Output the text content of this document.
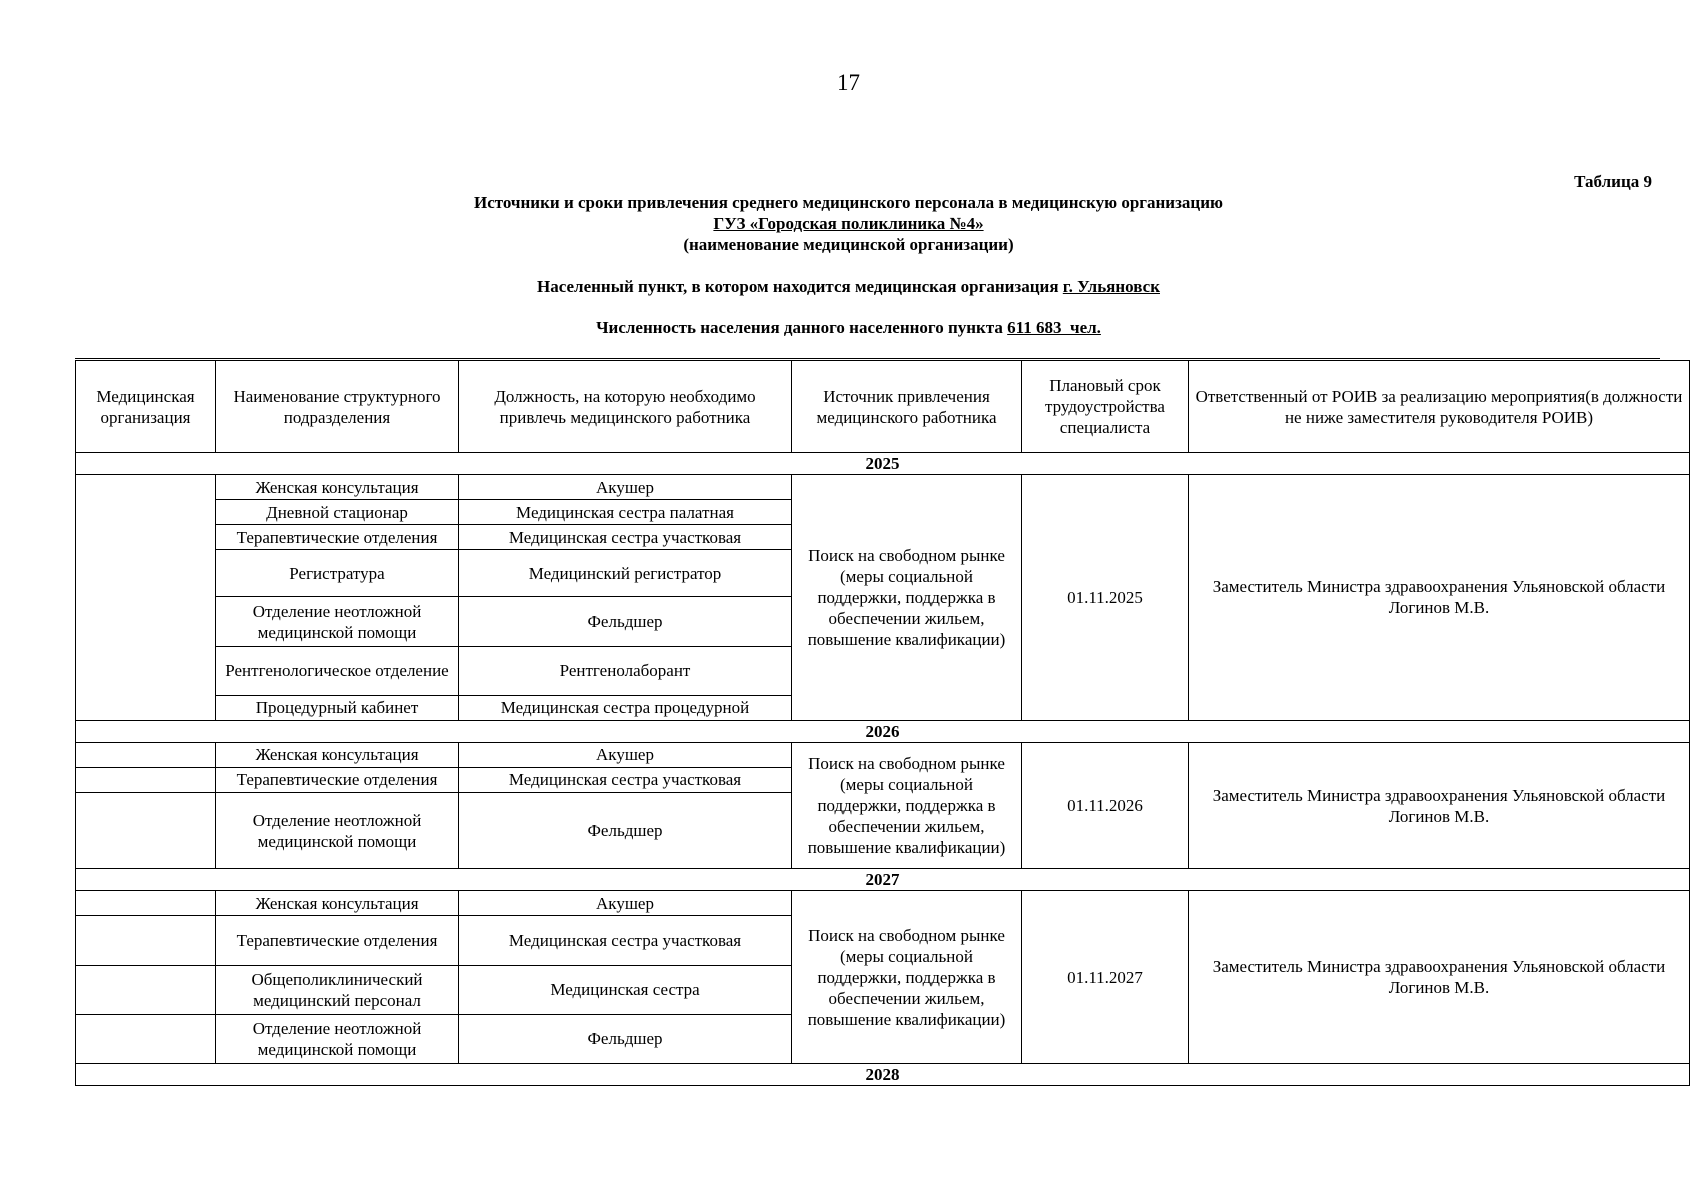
17
Таблица 9
Источники и сроки привлечения среднего медицинского персонала в медицинскую организацию
ГУЗ «Городская поликлиника №4»
(наименование медицинской организации)
Населенный пункт, в котором находится медицинская организация г. Ульяновск
Численность населения данного населенного пункта 611 683  чел.
Медицинская организация	Наименование структурного подразделения	Должность, на которую необходимо привлечь медицинского работника	Источник привлечения медицинского работника	Плановый срок трудоустройства специалиста	Ответственный от РОИВ за реализацию мероприятия(в должности не ниже заместителя руководителя РОИВ)
2025					
	Женская консультация	Акушер	Поиск на свободном рынке (меры социальной поддержки, поддержка в обеспечении жильем, повышение квалификации)	01.11.2025	Заместитель Министра здравоохранения Ульяновской области Логинов М.В.
	Дневной стационар	Медицинская сестра палатная			
	Терапевтические отделения	Медицинская сестра участковая			
	Регистратура	Медицинский регистратор			
	Отделение неотложной медицинской помощи	Фельдшер			
	Рентгенологическое отделение	Рентгенолаборант			
	Процедурный кабинет	Медицинская сестра процедурной			
2026					
	Женская консультация	Акушер	Поиск на свободном рынке (меры социальной поддержки, поддержка в обеспечении жильем, повышение квалификации)	01.11.2026	Заместитель Министра здравоохранения Ульяновской области Логинов М.В.
	Терапевтические отделения	Медицинская сестра участковая			
	Отделение неотложной медицинской помощи	Фельдшер			
2027					
	Женская консультация	Акушер	Поиск на свободном рынке (меры социальной поддержки, поддержка в обеспечении жильем, повышение квалификации)	01.11.2027	Заместитель Министра здравоохранения Ульяновской области Логинов М.В.
	Терапевтические отделения	Медицинская сестра участковая			
	Общеполиклинический медицинский персонал	Медицинская сестра			
	Отделение неотложной медицинской помощи	Фельдшер			
2028					
